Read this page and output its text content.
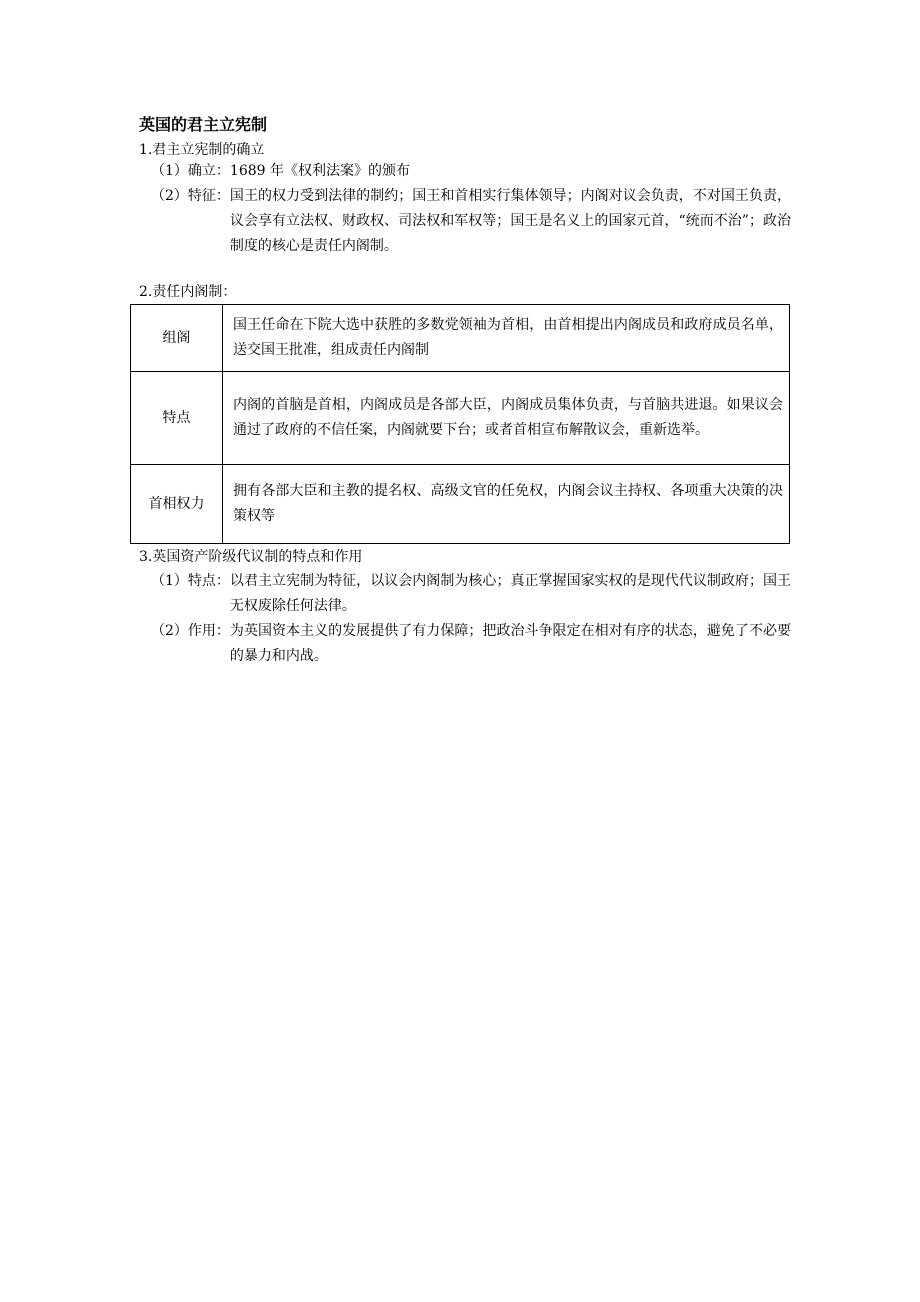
英国的君主立宪制
1.君主立宪制的确立
（1） 确立： 1689 年《权利法案》的颁布
（2） 特征： 国王的权力受到法律的制约；国王和首相实行集体领导；内阁对议会负责，不对国王负责，议会享有立法权、财政权、司法权和军权等；国王是名义上的国家元首，“统而不治”；政治制度的核心是责任内阁制。
2.责任内阁制：
组阁	国王任命在下院大选中获胜的多数党领袖为首相，由首相提出内阁成员和政府成员名单，送交国王批准，组成责任内阁制
特点	内阁的首脑是首相，内阁成员是各部大臣，内阁成员集体负责，与首脑共进退。如果议会通过了政府的不信任案，内阁就要下台；或者首相宣布解散议会，重新选举。
首相权力	拥有各部大臣和主教的提名权、高级文官的任免权，内阁会议主持权、各项重大决策的决策权等
3.英国资产阶级代议制的特点和作用
（1） 特点： 以君主立宪制为特征，以议会内阁制为核心；真正掌握国家实权的是现代代议制政府；国王无权废除任何法律。
（2） 作用： 为英国资本主义的发展提供了有力保障；把政治斗争限定在相对有序的状态，避免了不必要的暴力和内战。
